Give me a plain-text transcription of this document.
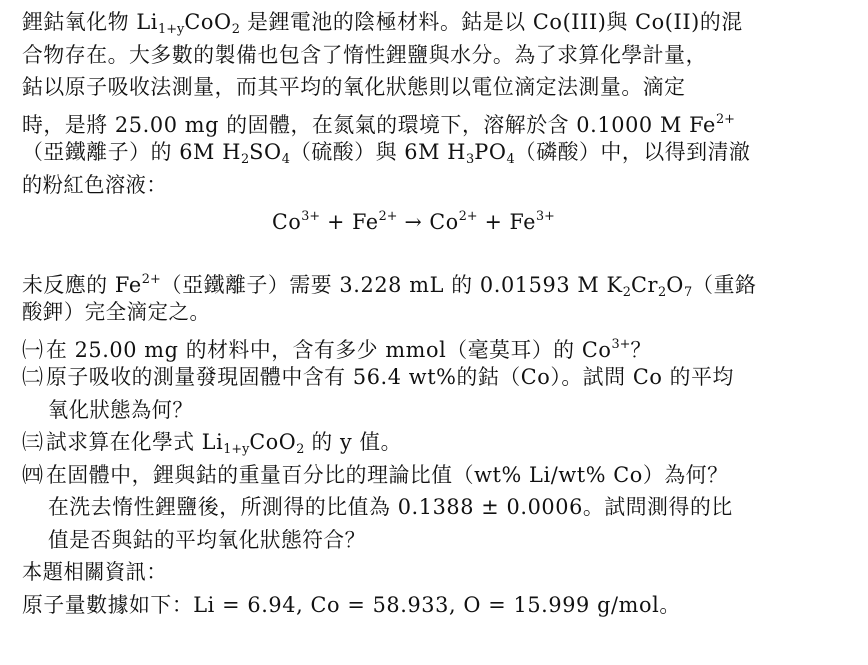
鋰鈷氧化物 $Li_{1+y}CoO_2$ 是鋰電池的陰極材料。鈷是以 Co(III)與 Co(II)的混
合物存在。大多數的製備也包含了惰性鋰鹽與水分。為了求算化學計量，
鈷以原子吸收法測量，而其平均的氧化狀態則以電位滴定法測量。滴定
時，是將 25.00 mg 的固體，在氮氣的環境下，溶解於含 0.1000 M $Fe^{2+}$
（亞鐵離子）的 6M $H_2SO_4$（硫酸）與 6M $H_3PO_4$（磷酸）中，以得到清澈
的粉紅色溶液：
$Co^{3+} + Fe^{2+} \to Co^{2+} + Fe^{3+}$
未反應的 $Fe^{2+}$（亞鐵離子）需要 3.228 mL 的 0.01593 M $K_2Cr_2O_7$（重鉻
酸鉀）完全滴定之。
㈠ 在 25.00 mg 的材料中，含有多少 mmol（毫莫耳）的 $Co^{3+}$？
㈡ 原子吸收的測量發現固體中含有 56.4 wt%的鈷（Co）。試問 Co 的平均
氧化狀態為何？
㈢ 試求算在化學式 $Li_{1+y}CoO_2$ 的 y 值。
㈣ 在固體中，鋰與鈷的重量百分比的理論比值（wt% Li/wt% Co）為何？
在洗去惰性鋰鹽後，所測得的比值為 0.1388 ± 0.0006。試問測得的比
值是否與鈷的平均氧化狀態符合？
本題相關資訊：
原子量數據如下：Li = 6.94, Co = 58.933, O = 15.999 g/mol。
